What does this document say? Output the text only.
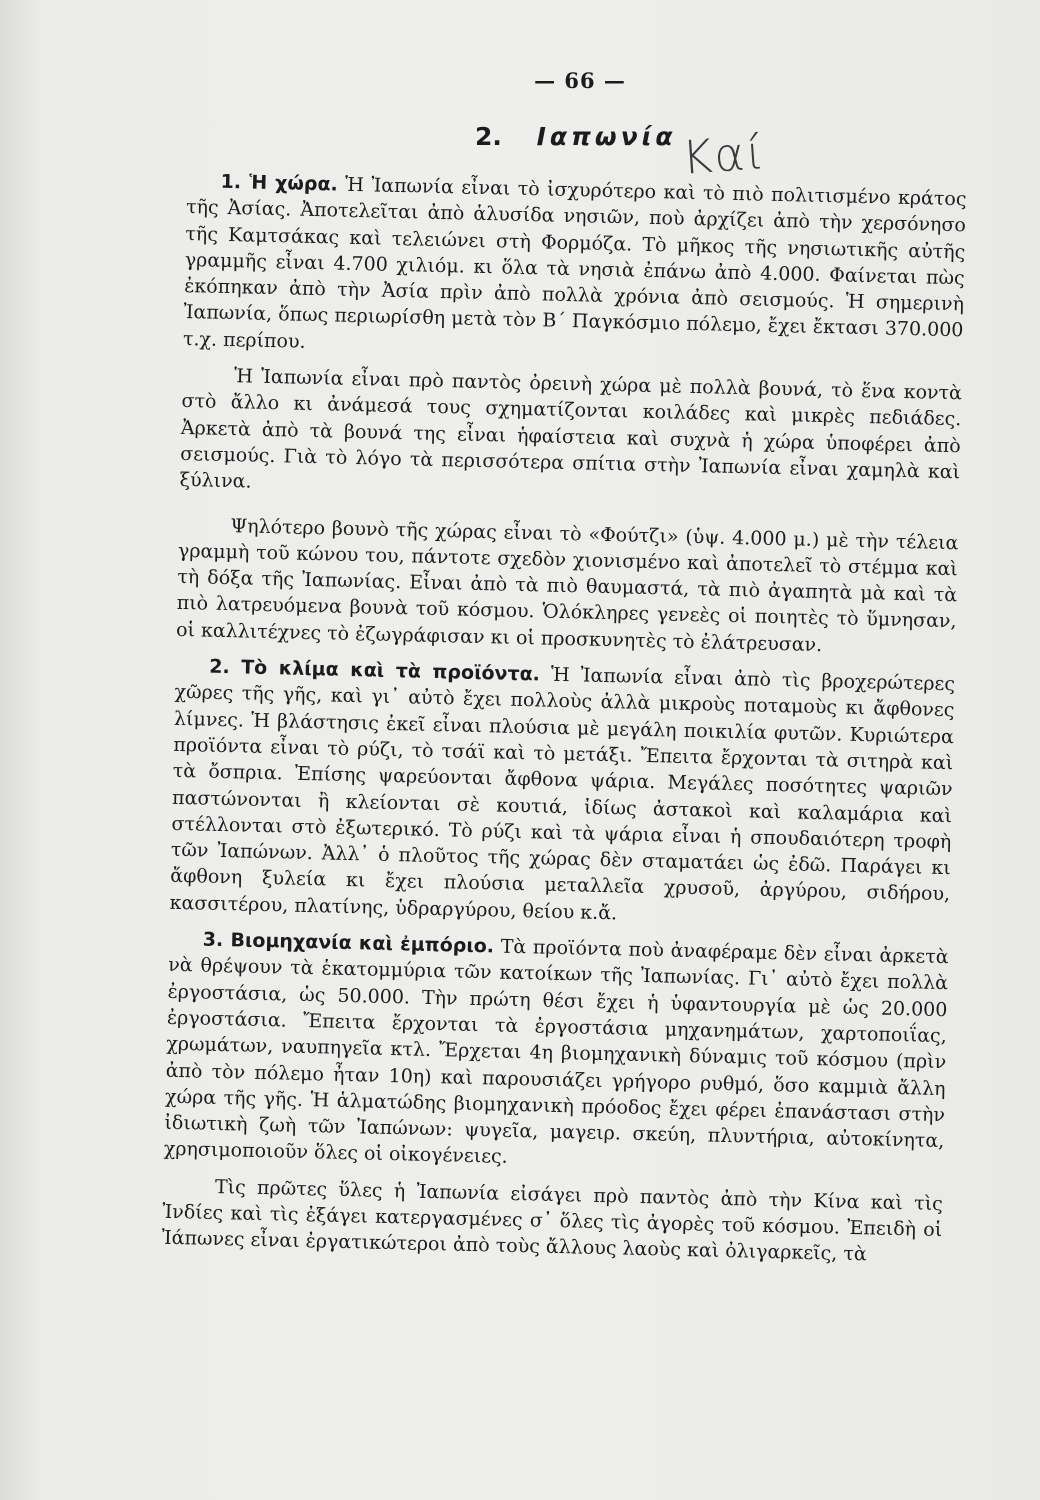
— 66 —
2. Ιαπωνία Καί

1. Ἡ χώρα. Ἡ Ἰαπωνία εἶναι τὸ ἰσχυρότερο καὶ τὸ πιὸ πολιτισμένο κράτος τῆς Ἀσίας. Ἀποτελεῖται ἀπὸ ἁλυσίδα νησιῶν, ποὺ ἀρχίζει ἀπὸ τὴν χερσόνησο τῆς Καμτσάκας καὶ τελειώνει στὴ Φορμόζα. Τὸ μῆκος τῆς νησιωτικῆς αὐτῆς γραμμῆς εἶναι 4.700 χιλιόμ. κι ὅλα τὰ νησιὰ ἐπάνω ἀπὸ 4.000. Φαίνεται πὼς ἐκόπηκαν ἀπὸ τὴν Ἀσία πρὶν ἀπὸ πολλὰ χρόνια ἀπὸ σεισμούς. Ἡ σημερινὴ Ἰαπωνία, ὅπως περιωρίσθη μετὰ τὸν Β΄ Παγκόσμιο πόλεμο, ἔχει ἔκτασι 370.000 τ.χ. περίπου.

Ἡ Ἰαπωνία εἶναι πρὸ παντὸς ὀρεινὴ χώρα μὲ πολλὰ βουνά, τὸ ἕνα κοντὰ στὸ ἄλλο κι ἀνάμεσά τους σχηματίζονται κοιλάδες καὶ μικρὲς πεδιάδες. Ἀρκετὰ ἀπὸ τὰ βουνά της εἶναι ἡφαίστεια καὶ συχνὰ ἡ χώρα ὑποφέρει ἀπὸ σεισμούς. Γιὰ τὸ λόγο τὰ περισσότερα σπίτια στὴν Ἰαπωνία εἶναι χαμηλὰ καὶ ξύλινα.

Ψηλότερο βουνὸ τῆς χώρας εἶναι τὸ «Φούτζι» (ὑψ. 4.000 μ.) μὲ τὴν τέλεια γραμμὴ τοῦ κώνου του, πάντοτε σχεδὸν χιονισμένο καὶ ἀποτελεῖ τὸ στέμμα καὶ τὴ δόξα τῆς Ἰαπωνίας. Εἶναι ἀπὸ τὰ πιὸ θαυμαστά, τὰ πιὸ ἀγαπητὰ μὰ καὶ τὰ πιὸ λατρευόμενα βουνὰ τοῦ κόσμου. Ὁλόκληρες γενεὲς οἱ ποιητὲς τὸ ὕμνησαν, οἱ καλλιτέχνες τὸ ἐζωγράφισαν κι οἱ προσκυνητὲς τὸ ἐλάτρευσαν.

2. Τὸ κλίμα καὶ τὰ προϊόντα. Ἡ Ἰαπωνία εἶναι ἀπὸ τὶς βροχερώτερες χῶρες τῆς γῆς, καὶ γι᾽ αὐτὸ ἔχει πολλοὺς ἀλλὰ μικροὺς ποταμοὺς κι ἄφθονες λίμνες. Ἡ βλάστησις ἐκεῖ εἶναι πλούσια μὲ μεγάλη ποικιλία φυτῶν. Κυριώτερα προϊόντα εἶναι τὸ ρύζι, τὸ τσάϊ καὶ τὸ μετάξι. Ἔπειτα ἔρχονται τὰ σιτηρὰ καὶ τὰ ὄσπρια. Ἐπίσης ψαρεύονται ἄφθονα ψάρια. Μεγάλες ποσότητες ψαριῶν παστώνονται ἢ κλείονται σὲ κουτιά, ἰδίως ἀστακοὶ καὶ καλαμάρια καὶ στέλλονται στὸ ἐξωτερικό. Τὸ ρύζι καὶ τὰ ψάρια εἶναι ἡ σπουδαιότερη τροφὴ τῶν Ἰαπώνων. Ἀλλ᾽ ὁ πλοῦτος τῆς χώρας δὲν σταματάει ὡς ἐδῶ. Παράγει κι ἄφθονη ξυλεία κι ἔχει πλούσια μεταλλεῖα χρυσοῦ, ἀργύρου, σιδήρου, κασσιτέρου, πλατίνης, ὑδραργύρου, θείου κ.ἄ.

3. Βιομηχανία καὶ ἐμπόριο. Τὰ προϊόντα ποὺ ἀναφέραμε δὲν εἶναι ἀρκετὰ νὰ θρέψουν τὰ ἑκατομμύρια τῶν κατοίκων τῆς Ἰαπωνίας. Γι᾽ αὐτὸ ἔχει πολλὰ ἐργοστάσια, ὡς 50.000. Τὴν πρώτη θέσι ἔχει ἡ ὑφαντουργία μὲ ὡς 20.000 ἐργοστάσια. Ἔπειτα ἔρχονται τὰ ἐργοστάσια μηχανημάτων, χαρτοποιΐας, χρωμάτων, ναυπηγεῖα κτλ. Ἔρχεται 4η βιομηχανικὴ δύναμις τοῦ κόσμου (πρὶν ἀπὸ τὸν πόλεμο ἦταν 10η) καὶ παρουσιάζει γρήγορο ρυθμό, ὅσο καμμιὰ ἄλλη χώρα τῆς γῆς. Ἡ ἁλματώδης βιομηχανικὴ πρόοδος ἔχει φέρει ἐπανάστασι στὴν ἰδιωτικὴ ζωὴ τῶν Ἰαπώνων: ψυγεῖα, μαγειρ. σκεύη, πλυντήρια, αὐτοκίνητα, χρησιμοποιοῦν ὅλες οἱ οἰκογένειες.

Τὶς πρῶτες ὕλες ἡ Ἰαπωνία εἰσάγει πρὸ παντὸς ἀπὸ τὴν Κίνα καὶ τὶς Ἰνδίες καὶ τὶς ἐξάγει κατεργασμένες σ᾽ ὅλες τὶς ἀγορὲς τοῦ κόσμου. Ἐπειδὴ οἱ Ἰάπωνες εἶναι ἐργατικώτεροι ἀπὸ τοὺς ἄλλους λαοὺς καὶ ὀλιγαρκεῖς, τὰ
